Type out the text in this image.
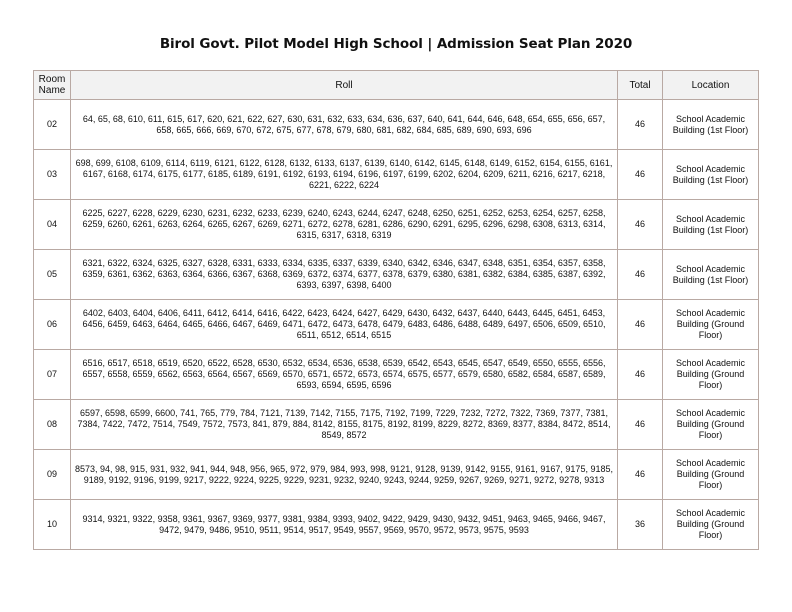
Birol Govt. Pilot Model High School | Admission Seat Plan 2020
Room Name	Roll	Total	Location
02	64, 65, 68, 610, 611, 615, 617, 620, 621, 622, 627, 630, 631, 632, 633, 634, 636, 637, 640, 641, 644, 646, 648, 654, 655, 656, 657, 658, 665, 666, 669, 670, 672, 675, 677, 678, 679, 680, 681, 682, 684, 685, 689, 690, 693, 696	46	School Academic Building (1st Floor)
03	698, 699, 6108, 6109, 6114, 6119, 6121, 6122, 6128, 6132, 6133, 6137, 6139, 6140, 6142, 6145, 6148, 6149, 6152, 6154, 6155, 6161, 6167, 6168, 6174, 6175, 6177, 6185, 6189, 6191, 6192, 6193, 6194, 6196, 6197, 6199, 6202, 6204, 6209, 6211, 6216, 6217, 6218, 6221, 6222, 6224	46	School Academic Building (1st Floor)
04	6225, 6227, 6228, 6229, 6230, 6231, 6232, 6233, 6239, 6240, 6243, 6244, 6247, 6248, 6250, 6251, 6252, 6253, 6254, 6257, 6258, 6259, 6260, 6261, 6263, 6264, 6265, 6267, 6269, 6271, 6272, 6278, 6281, 6286, 6290, 6291, 6295, 6296, 6298, 6308, 6313, 6314, 6315, 6317, 6318, 6319	46	School Academic Building (1st Floor)
05	6321, 6322, 6324, 6325, 6327, 6328, 6331, 6333, 6334, 6335, 6337, 6339, 6340, 6342, 6346, 6347, 6348, 6351, 6354, 6357, 6358, 6359, 6361, 6362, 6363, 6364, 6366, 6367, 6368, 6369, 6372, 6374, 6377, 6378, 6379, 6380, 6381, 6382, 6384, 6385, 6387, 6392, 6393, 6397, 6398, 6400	46	School Academic Building (1st Floor)
06	6402, 6403, 6404, 6406, 6411, 6412, 6414, 6416, 6422, 6423, 6424, 6427, 6429, 6430, 6432, 6437, 6440, 6443, 6445, 6451, 6453, 6456, 6459, 6463, 6464, 6465, 6466, 6467, 6469, 6471, 6472, 6473, 6478, 6479, 6483, 6486, 6488, 6489, 6497, 6506, 6509, 6510, 6511, 6512, 6514, 6515	46	School Academic Building (Ground Floor)
07	6516, 6517, 6518, 6519, 6520, 6522, 6528, 6530, 6532, 6534, 6536, 6538, 6539, 6542, 6543, 6545, 6547, 6549, 6550, 6555, 6556, 6557, 6558, 6559, 6562, 6563, 6564, 6567, 6569, 6570, 6571, 6572, 6573, 6574, 6575, 6577, 6579, 6580, 6582, 6584, 6587, 6589, 6593, 6594, 6595, 6596	46	School Academic Building (Ground Floor)
08	6597, 6598, 6599, 6600, 741, 765, 779, 784, 7121, 7139, 7142, 7155, 7175, 7192, 7199, 7229, 7232, 7272, 7322, 7369, 7377, 7381, 7384, 7422, 7472, 7514, 7549, 7572, 7573, 841, 879, 884, 8142, 8155, 8175, 8192, 8199, 8229, 8272, 8369, 8377, 8384, 8472, 8514, 8549, 8572	46	School Academic Building (Ground Floor)
09	8573, 94, 98, 915, 931, 932, 941, 944, 948, 956, 965, 972, 979, 984, 993, 998, 9121, 9128, 9139, 9142, 9155, 9161, 9167, 9175, 9185, 9189, 9192, 9196, 9199, 9217, 9222, 9224, 9225, 9229, 9231, 9232, 9240, 9243, 9244, 9259, 9267, 9269, 9271, 9272, 9278, 9313	46	School Academic Building (Ground Floor)
10	9314, 9321, 9322, 9358, 9361, 9367, 9369, 9377, 9381, 9384, 9393, 9402, 9422, 9429, 9430, 9432, 9451, 9463, 9465, 9466, 9467, 9472, 9479, 9486, 9510, 9511, 9514, 9517, 9549, 9557, 9569, 9570, 9572, 9573, 9575, 9593	36	School Academic Building (Ground Floor)
